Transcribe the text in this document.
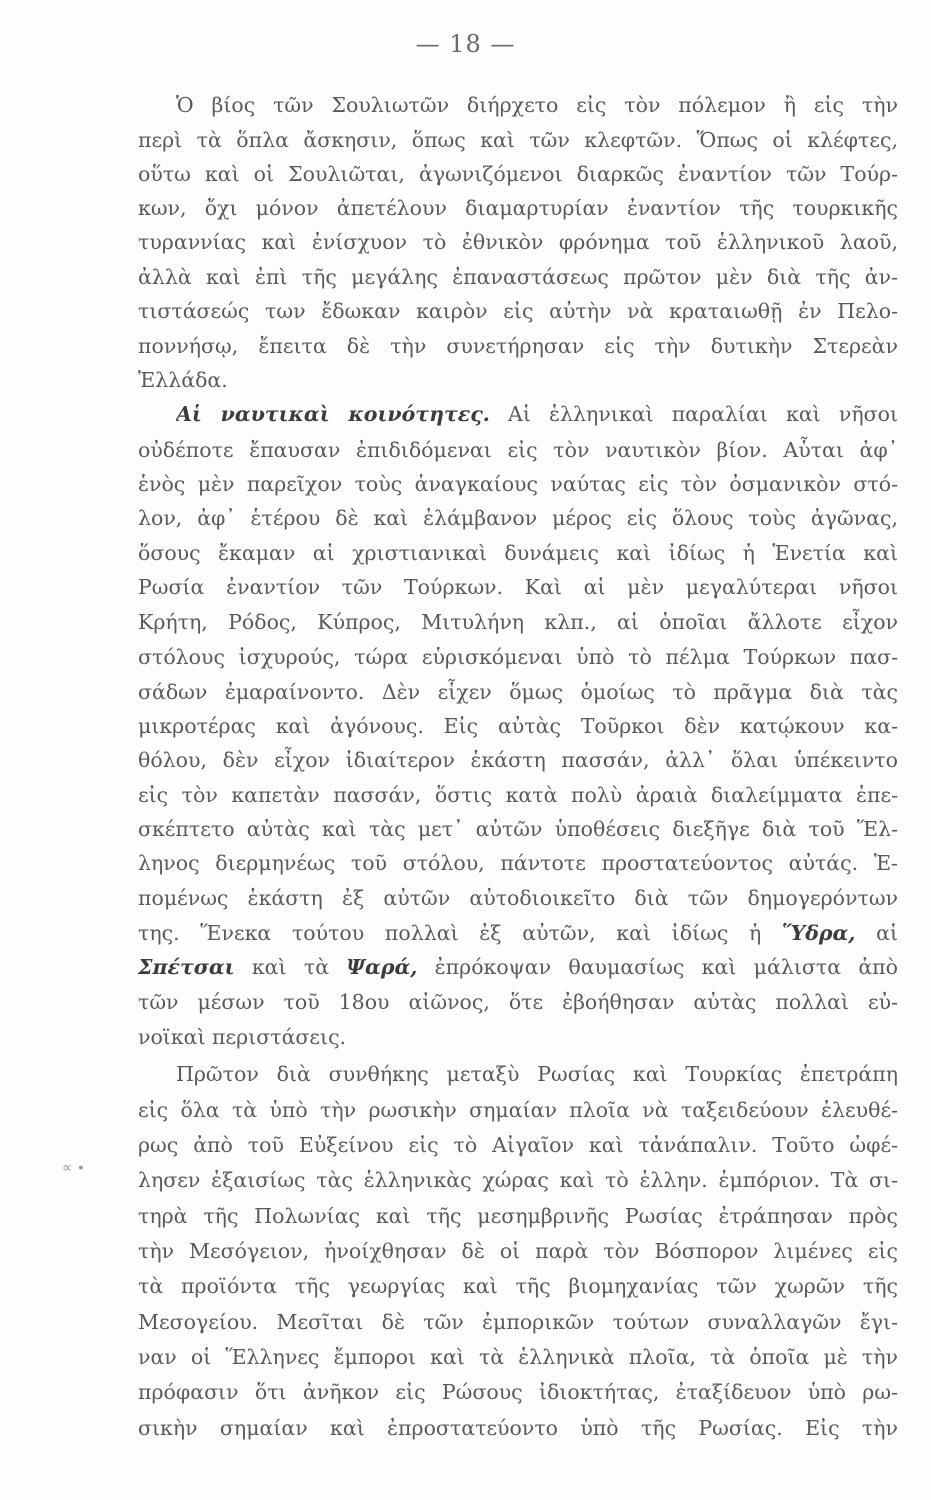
— 18 —
Ὁ βίος τῶν Σουλιωτῶν διήρχετο εἰς τὸν πόλεμον ἢ εἰς τὴν
περὶ τὰ ὅπλα ἄσκησιν, ὅπως καὶ τῶν κλεφτῶν. Ὅπως οἱ κλέφτες,
οὕτω καὶ οἱ Σουλιῶται, ἀγωνιζόμενοι διαρκῶς ἐναντίον τῶν Τούρ-
κων, ὄχι μόνον ἀπετέλουν διαμαρτυρίαν ἐναντίον τῆς τουρκικῆς
τυραννίας καὶ ἐνίσχυον τὸ ἐθνικὸν φρόνημα τοῦ ἑλληνικοῦ λαοῦ,
ἀλλὰ καὶ ἐπὶ τῆς μεγάλης ἐπαναστάσεως πρῶτον μὲν διὰ τῆς ἀν-
τιστάσεώς των ἔδωκαν καιρὸν εἰς αὐτὴν νὰ κραταιωθῇ ἐν Πελο-
ποννήσῳ, ἔπειτα δὲ τὴν συνετήρησαν εἰς τὴν δυτικὴν Στερεὰν
Ἑλλάδα.
Αἱ ναυτικαὶ κοινότητες. Αἱ ἑλληνικαὶ παραλίαι καὶ νῆσοι
οὐδέποτε ἔπαυσαν ἐπιδιδόμεναι εἰς τὸν ναυτικὸν βίον. Αὗται ἀφ᾿
ἑνὸς μὲν παρεῖχον τοὺς ἀναγκαίους ναύτας εἰς τὸν ὀσμανικὸν στό-
λον, ἀφ᾿ ἑτέρου δὲ καὶ ἐλάμβανον μέρος εἰς ὅλους τοὺς ἀγῶνας,
ὅσους ἔκαμαν αἱ χριστιανικαὶ δυνάμεις καὶ ἰδίως ἡ Ἑνετία καὶ
Ρωσία ἐναντίον τῶν Τούρκων. Καὶ αἱ μὲν μεγαλύτεραι νῆσοι
Κρήτη, Ρόδος, Κύπρος, Μιτυλήνη κλπ., αἱ ὁποῖαι ἄλλοτε εἶχον
στόλους ἰσχυρούς, τώρα εὑρισκόμεναι ὑπὸ τὸ πέλμα Τούρκων πασ-
σάδων ἐμαραίνοντο. Δὲν εἶχεν ὅμως ὁμοίως τὸ πρᾶγμα διὰ τὰς
μικροτέρας καὶ ἀγόνους. Εἰς αὐτὰς Τοῦρκοι δὲν κατῴκουν κα-
θόλου, δὲν εἶχον ἰδιαίτερον ἑκάστη πασσάν, ἀλλ᾿ ὅλαι ὑπέκειντο
εἰς τὸν καπετὰν πασσάν, ὅστις κατὰ πολὺ ἀραιὰ διαλείμματα ἐπε-
σκέπτετο αὐτὰς καὶ τὰς μετ᾿ αὐτῶν ὑποθέσεις διεξῆγε διὰ τοῦ Ἕλ-
ληνος διερμηνέως τοῦ στόλου, πάντοτε προστατεύοντος αὐτάς. Ἑ-
πομένως ἑκάστη ἐξ αὐτῶν αὐτοδιοικεῖτο διὰ τῶν δημογερόντων
της. Ἕνεκα τούτου πολλαὶ ἐξ αὐτῶν, καὶ ἰδίως ἡ Ὕδρα, αἱ
Σπέτσαι καὶ τὰ Ψαρά, ἐπρόκοψαν θαυμασίως καὶ μάλιστα ἀπὸ
τῶν μέσων τοῦ 18ου αἰῶνος, ὅτε ἐβοήθησαν αὐτὰς πολλαὶ εὐ-
νοϊκαὶ περιστάσεις.
Πρῶτον διὰ συνθήκης μεταξὺ Ρωσίας καὶ Τουρκίας ἐπετράπη
εἰς ὅλα τὰ ὑπὸ τὴν ρωσικὴν σημαίαν πλοῖα νὰ ταξειδεύουν ἐλευθέ-
ρως ἀπὸ τοῦ Εὐξείνου εἰς τὸ Αἰγαῖον καὶ τἀνάπαλιν. Τοῦτο ὠφέ-
λησεν ἐξαισίως τὰς ἑλληνικὰς χώρας καὶ τὸ ἑλλην. ἐμπόριον. Τὰ σι-
τηρὰ τῆς Πολωνίας καὶ τῆς μεσημβρινῆς Ρωσίας ἐτράπησαν πρὸς
τὴν Μεσόγειον, ἠνοίχθησαν δὲ οἱ παρὰ τὸν Βόσπορον λιμένες εἰς
τὰ προϊόντα τῆς γεωργίας καὶ τῆς βιομηχανίας τῶν χωρῶν τῆς
Μεσογείου. Μεσῖται δὲ τῶν ἐμπορικῶν τούτων συναλλαγῶν ἔγι-
ναν οἱ Ἕλληνες ἔμποροι καὶ τὰ ἑλληνικὰ πλοῖα, τὰ ὁποῖα μὲ τὴν
πρόφασιν ὅτι ἀνῆκον εἰς Ρώσους ἰδιοκτήτας, ἐταξίδευον ὑπὸ ρω-
σικὴν σημαίαν καὶ ἐπροστατεύοντο ὑπὸ τῆς Ρωσίας. Εἰς τὴν
∝ ∙
